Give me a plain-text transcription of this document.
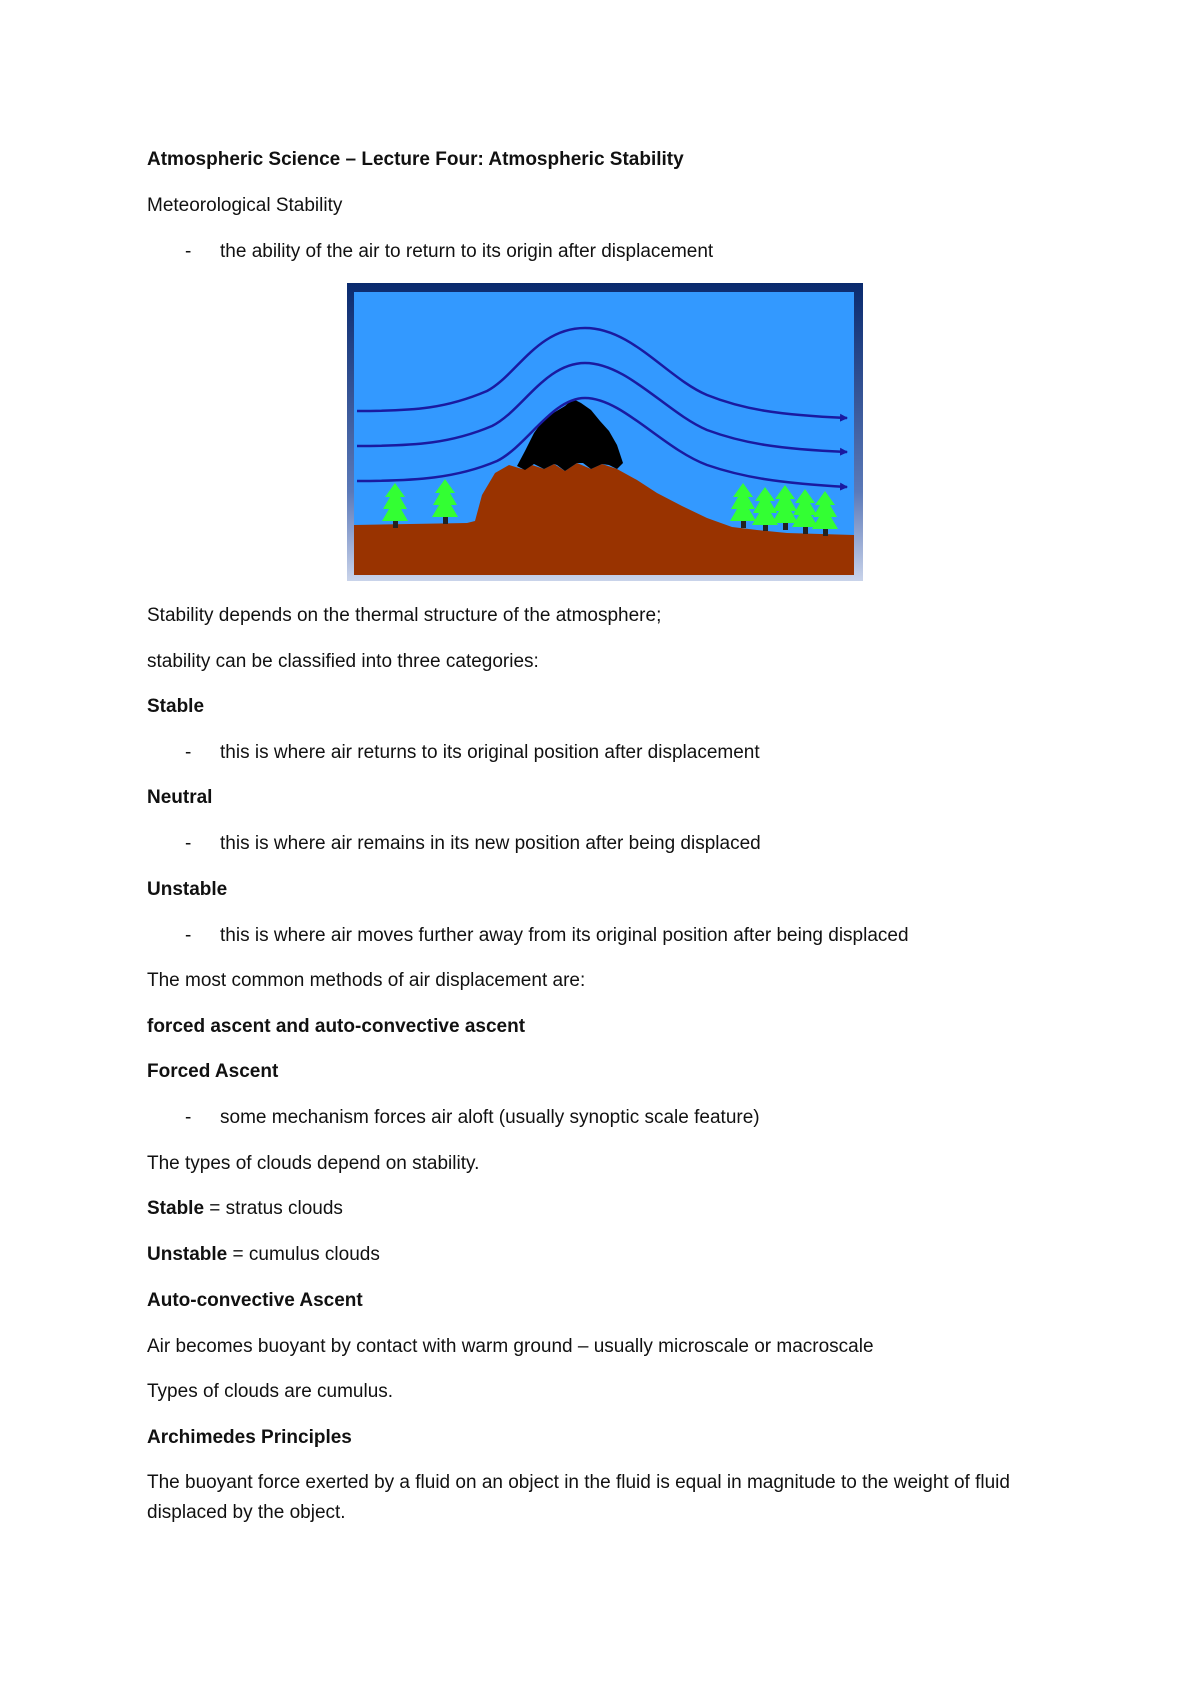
Atmospheric Science – Lecture Four: Atmospheric Stability
Meteorological Stability
- the ability of the air to return to its origin after displacement
Stability depends on the thermal structure of the atmosphere;
stability can be classified into three categories:
Stable
- this is where air returns to its original position after displacement
Neutral
- this is where air remains in its new position after being displaced
Unstable
- this is where air moves further away from its original position after being displaced
The most common methods of air displacement are:
forced ascent and auto-convective ascent
Forced Ascent
- some mechanism forces air aloft (usually synoptic scale feature)
The types of clouds depend on stability.
Stable = stratus clouds
Unstable = cumulus clouds
Auto-convective Ascent
Air becomes buoyant by contact with warm ground – usually microscale or macroscale
Types of clouds are cumulus.
Archimedes Principles
The buoyant force exerted by a fluid on an object in the fluid is equal in magnitude to the weight of fluid displaced by the object.
